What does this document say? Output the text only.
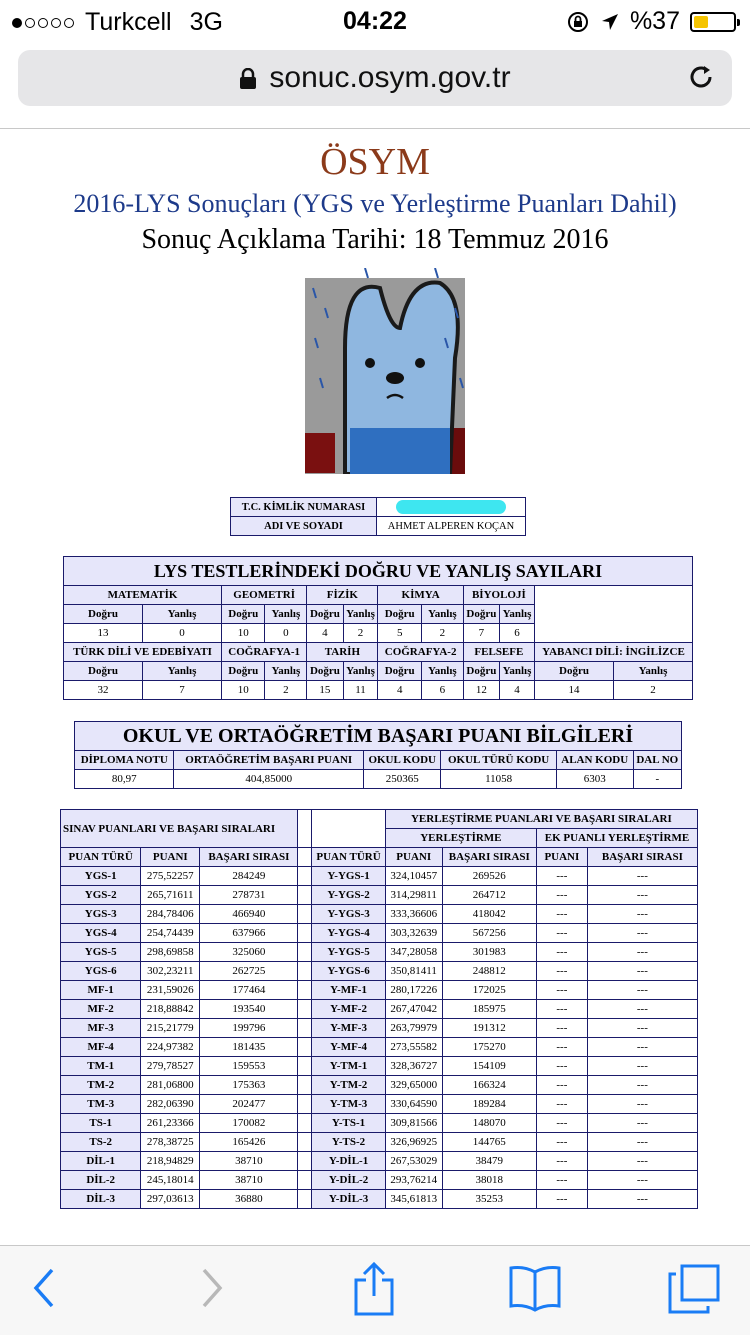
Turkcell 3G	04:22	%37
sonuc.osym.gov.tr
ÖSYM
2016-LYS Sonuçları (YGS ve Yerleştirme Puanları Dahil)
Sonuç Açıklama Tarihi: 18 Temmuz 2016
T.C. KİMLİK NUMARASI	
ADI VE SOYADI	AHMET ALPEREN KOÇAN
LYS TESTLERİNDEKİ DOĞRU VE YANLIŞ SAYILARI											
MATEMATİK		GEOMETRİ		FİZİK		KİMYA		BİYOLOJİ			
Doğru	Yanlış	Doğru	Yanlış	Doğru	Yanlış	Doğru	Yanlış	Doğru	Yanlış		
13	0	10	0	4	2	5	2	7	6		
TÜRK DİLİ VE EDEBİYATI		COĞRAFYA-1		TARİH		COĞRAFYA-2		FELSEFE		YABANCI DİLİ: İNGİLİZCE	
Doğru	Yanlış	Doğru	Yanlış	Doğru	Yanlış	Doğru	Yanlış	Doğru	Yanlış	Doğru	Yanlış
32	7	10	2	15	11	4	6	12	4	14	2
OKUL VE ORTAÖĞRETİM BAŞARI PUANI BİLGİLERİ					
DİPLOMA NOTU	ORTAÖĞRETİM BAŞARI PUANI	OKUL KODU	OKUL TÜRÜ KODU	ALAN KODU	DAL NO
80,97	404,85000	250365	11058	6303	-
SINAV PUANLARI VE BAŞARI SIRALARI					YERLEŞTİRME PUANLARI VE BAŞARI SIRALARI			
					YERLEŞTİRME		EK PUANLI YERLEŞTİRME	
PUAN TÜRÜ	PUANI	BAŞARI SIRASI		PUAN TÜRÜ	PUANI	BAŞARI SIRASI	PUANI	BAŞARI SIRASI
YGS-1	275,52257	284249		Y-YGS-1	324,10457	269526	---	---
YGS-2	265,71611	278731		Y-YGS-2	314,29811	264712	---	---
YGS-3	284,78406	466940		Y-YGS-3	333,36606	418042	---	---
YGS-4	254,74439	637966		Y-YGS-4	303,32639	567256	---	---
YGS-5	298,69858	325060		Y-YGS-5	347,28058	301983	---	---
YGS-6	302,23211	262725		Y-YGS-6	350,81411	248812	---	---
MF-1	231,59026	177464		Y-MF-1	280,17226	172025	---	---
MF-2	218,88842	193540		Y-MF-2	267,47042	185975	---	---
MF-3	215,21779	199796		Y-MF-3	263,79979	191312	---	---
MF-4	224,97382	181435		Y-MF-4	273,55582	175270	---	---
TM-1	279,78527	159553		Y-TM-1	328,36727	154109	---	---
TM-2	281,06800	175363		Y-TM-2	329,65000	166324	---	---
TM-3	282,06390	202477		Y-TM-3	330,64590	189284	---	---
TS-1	261,23366	170082		Y-TS-1	309,81566	148070	---	---
TS-2	278,38725	165426		Y-TS-2	326,96925	144765	---	---
DİL-1	218,94829	38710		Y-DİL-1	267,53029	38479	---	---
DİL-2	245,18014	38710		Y-DİL-2	293,76214	38018	---	---
DİL-3	297,03613	36880		Y-DİL-3	345,61813	35253	---	---
